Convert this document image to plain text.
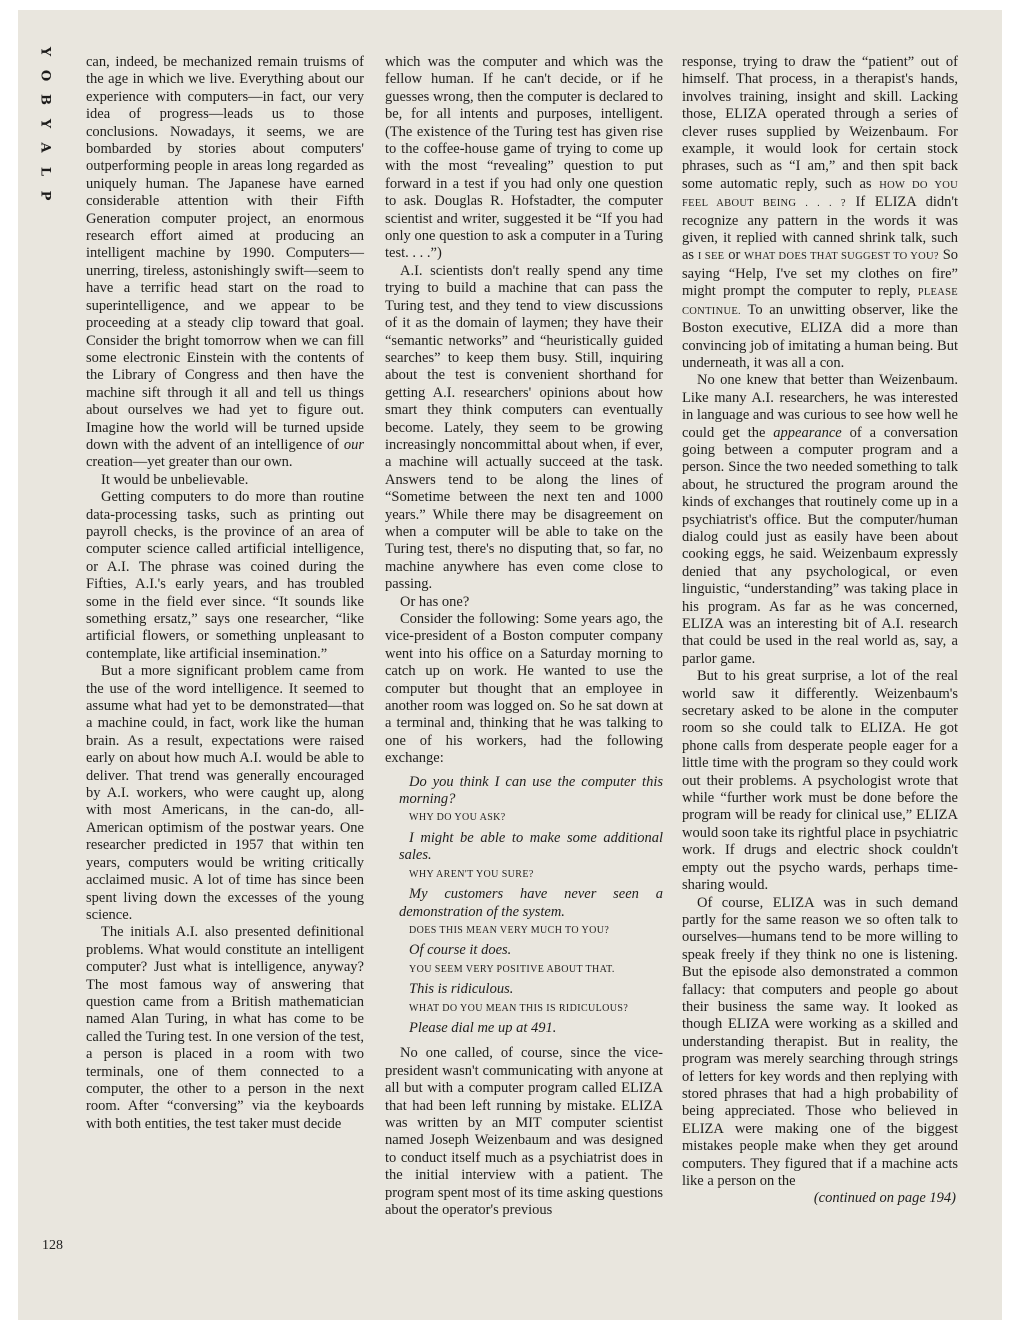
Y
O
B
Y
A
L
P
128

can, indeed, be mechanized remain truisms of the age in which we live. Everything about our experience with computers—in fact, our very idea of progress—leads us to those conclusions. Nowadays, it seems, we are bombarded by stories about computers' outperforming people in areas long regarded as uniquely human. The Japanese have earned considerable attention with their Fifth Generation computer project, an enormous research effort aimed at producing an intelligent machine by 1990. Computers—unerring, tireless, astonishingly swift—seem to have a terrific head start on the road to superintelligence, and we appear to be proceeding at a steady clip toward that goal. Consider the bright tomorrow when we can fill some electronic Einstein with the contents of the Library of Congress and then have the machine sift through it all and tell us things about ourselves we had yet to figure out. Imagine how the world will be turned upside down with the advent of an intelligence of our creation—yet greater than our own.

It would be unbelievable.

Getting computers to do more than routine data-processing tasks, such as printing out payroll checks, is the province of an area of computer science called artificial intelligence, or A.I. The phrase was coined during the Fifties, A.I.'s early years, and has troubled some in the field ever since. “It sounds like something ersatz,” says one researcher, “like artificial flowers, or something unpleasant to contemplate, like artificial insemination.”

But a more significant problem came from the use of the word intelligence. It seemed to assume what had yet to be demonstrated—that a machine could, in fact, work like the human brain. As a result, expectations were raised early on about how much A.I. would be able to deliver. That trend was generally encouraged by A.I. workers, who were caught up, along with most Americans, in the can-do, all-American optimism of the postwar years. One researcher predicted in 1957 that within ten years, computers would be writing critically acclaimed music. A lot of time has since been spent living down the excesses of the young science.

The initials A.I. also presented definitional problems. What would constitute an intelligent computer? Just what is intelligence, anyway? The most famous way of answering that question came from a British mathematician named Alan Turing, in what has come to be called the Turing test. In one version of the test, a person is placed in a room with two terminals, one of them connected to a computer, the other to a person in the next room. After “conversing” via the keyboards with both entities, the test taker must decide

which was the computer and which was the fellow human. If he can't decide, or if he guesses wrong, then the computer is declared to be, for all intents and purposes, intelligent. (The existence of the Turing test has given rise to the coffee-house game of trying to come up with the most “revealing” question to put forward in a test if you had only one question to ask. Douglas R. Hofstadter, the computer scientist and writer, suggested it be “If you had only one question to ask a computer in a Turing test. . . .”)

A.I. scientists don't really spend any time trying to build a machine that can pass the Turing test, and they tend to view discussions of it as the domain of laymen; they have their “semantic networks” and “heuristically guided searches” to keep them busy. Still, inquiring about the test is convenient shorthand for getting A.I. researchers' opinions about how smart they think computers can eventually become. Lately, they seem to be growing increasingly noncommittal about when, if ever, a machine will actually succeed at the task. Answers tend to be along the lines of “Sometime between the next ten and 1000 years.” While there may be disagreement on when a computer will be able to take on the Turing test, there's no disputing that, so far, no machine anywhere has even come close to passing.

Or has one?

Consider the following: Some years ago, the vice-president of a Boston computer company went into his office on a Saturday morning to catch up on work. He wanted to use the computer but thought that an employee in another room was logged on. So he sat down at a terminal and, thinking that he was talking to one of his workers, had the following exchange:

Do you think I can use the computer this morning?
WHY DO YOU ASK?
I might be able to make some additional sales.
WHY AREN'T YOU SURE?
My customers have never seen a demonstration of the system.
DOES THIS MEAN VERY MUCH TO YOU?
Of course it does.
YOU SEEM VERY POSITIVE ABOUT THAT.
This is ridiculous.
WHAT DO YOU MEAN THIS IS RIDICULOUS?
Please dial me up at 491.

No one called, of course, since the vice-president wasn't communicating with anyone at all but with a computer program called ELIZA that had been left running by mistake. ELIZA was written by an MIT computer scientist named Joseph Weizenbaum and was designed to conduct itself much as a psychiatrist does in the initial interview with a patient. The program spent most of its time asking questions about the operator's previous

response, trying to draw the “patient” out of himself. That process, in a therapist's hands, involves training, insight and skill. Lacking those, ELIZA operated through a series of clever ruses supplied by Weizenbaum. For example, it would look for certain stock phrases, such as “I am,” and then spit back some automatic reply, such as HOW DO YOU FEEL ABOUT BEING . . . ? If ELIZA didn't recognize any pattern in the words it was given, it replied with canned shrink talk, such as I SEE or WHAT DOES THAT SUGGEST TO YOU? So saying “Help, I've set my clothes on fire” might prompt the computer to reply, PLEASE CONTINUE. To an unwitting observer, like the Boston executive, ELIZA did a more than convincing job of imitating a human being. But underneath, it was all a con.

No one knew that better than Weizenbaum. Like many A.I. researchers, he was interested in language and was curious to see how well he could get the appearance of a conversation going between a computer program and a person. Since the two needed something to talk about, he structured the program around the kinds of exchanges that routinely come up in a psychiatrist's office. But the computer/human dialog could just as easily have been about cooking eggs, he said. Weizenbaum expressly denied that any psychological, or even linguistic, “understanding” was taking place in his program. As far as he was concerned, ELIZA was an interesting bit of A.I. research that could be used in the real world as, say, a parlor game.

But to his great surprise, a lot of the real world saw it differently. Weizenbaum's secretary asked to be alone in the computer room so she could talk to ELIZA. He got phone calls from desperate people eager for a little time with the program so they could work out their problems. A psychologist wrote that while “further work must be done before the program will be ready for clinical use,” ELIZA would soon take its rightful place in psychiatric work. If drugs and electric shock couldn't empty out the psycho wards, perhaps time-sharing would.

Of course, ELIZA was in such demand partly for the same reason we so often talk to ourselves—humans tend to be more willing to speak freely if they think no one is listening. But the episode also demonstrated a common fallacy: that computers and people go about their business the same way. It looked as though ELIZA were working as a skilled and understanding therapist. But in reality, the program was merely searching through strings of letters for key words and then replying with stored phrases that had a high probability of being appreciated. Those who believed in ELIZA were making one of the biggest mistakes people make when they get around computers. They figured that if a machine acts like a person on the

(continued on page 194)
